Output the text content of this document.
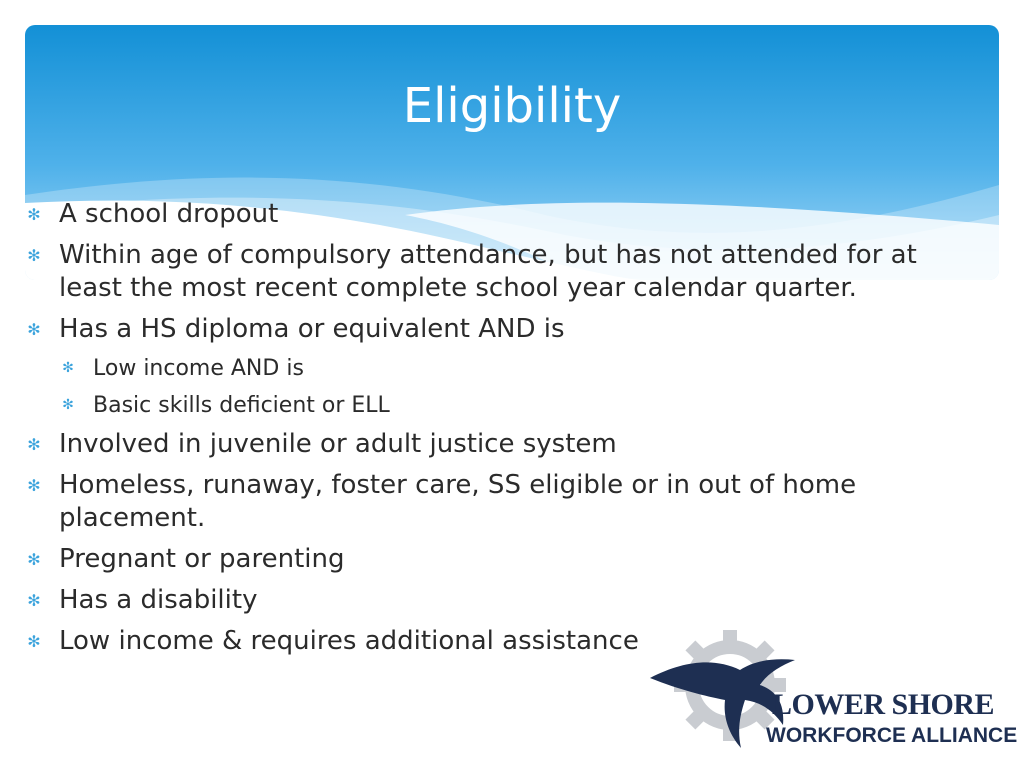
Eligibility
✻ A school dropout
✻ Within age of compulsory attendance, but has not attended for at least the most recent complete school year calendar quarter.
✻ Has a HS diploma or equivalent AND is
✻ Low income AND is
✻ Basic skills deficient or ELL
✻ Involved in juvenile or adult justice system
✻ Homeless, runaway, foster care, SS eligible or in out of home placement.
✻ Pregnant or parenting
✻ Has a disability
✻ Low income & requires additional assistance
LOWER SHORE
WORKFORCE ALLIANCE
